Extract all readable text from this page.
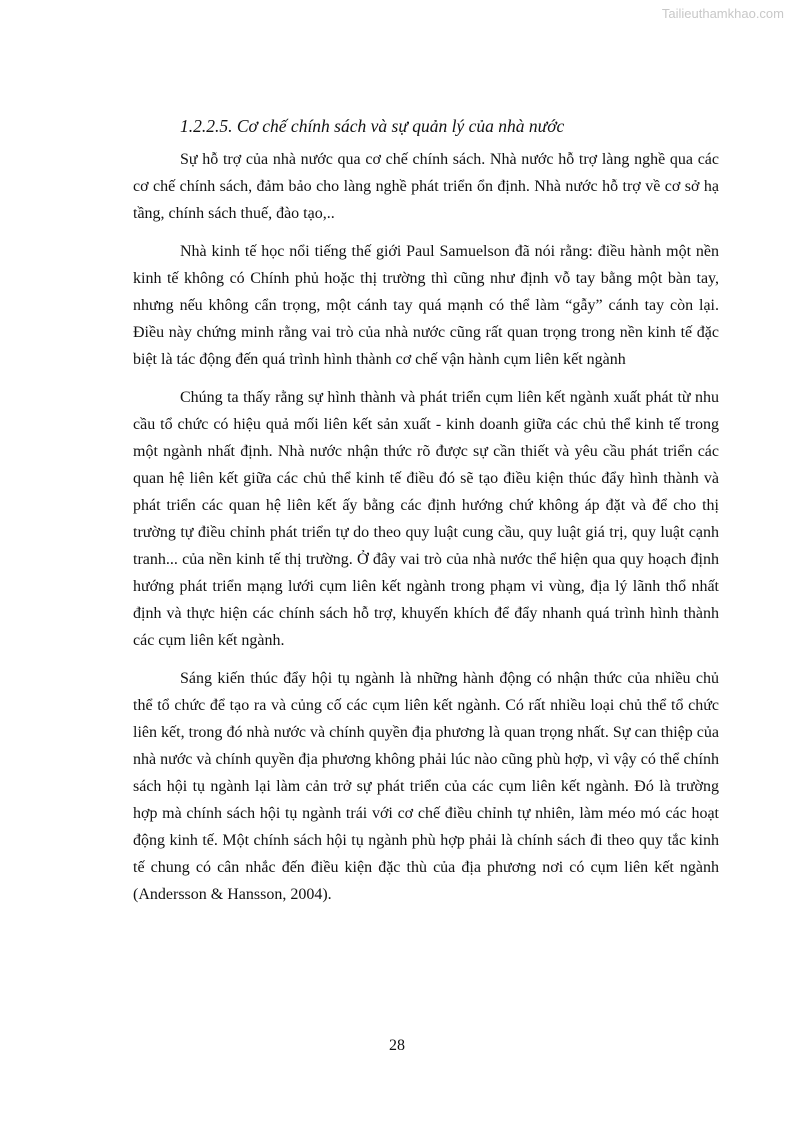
Tailieuthamkhao.com

1.2.2.5. Cơ chế chính sách và sự quản lý của nhà nước

Sự hỗ trợ của nhà nước qua cơ chế chính sách. Nhà nước hỗ trợ làng nghề qua các cơ chế chính sách, đảm bảo cho làng nghề phát triển ổn định. Nhà nước hỗ trợ về cơ sở hạ tầng, chính sách thuế, đào tạo,..

Nhà kinh tế học nổi tiếng thế giới Paul Samuelson đã nói rằng: điều hành một nền kinh tế không có Chính phủ hoặc thị trường thì cũng như định vỗ tay bằng một bàn tay, nhưng nếu không cẩn trọng, một cánh tay quá mạnh có thể làm “gẫy” cánh tay còn lại. Điều này chứng minh rằng vai trò của nhà nước cũng rất quan trọng trong nền kinh tế đặc biệt là tác động đến quá trình hình thành cơ chế vận hành cụm liên kết ngành

Chúng ta thấy rằng sự hình thành và phát triển cụm liên kết ngành xuất phát từ nhu cầu tổ chức có hiệu quả mối liên kết sản xuất - kinh doanh giữa các chủ thể kinh tế trong một ngành nhất định. Nhà nước nhận thức rõ được sự cần thiết và yêu cầu phát triển các quan hệ liên kết giữa các chủ thể kinh tế điều đó sẽ tạo điều kiện thúc đẩy hình thành và phát triển các quan hệ liên kết ấy bằng các định hướng chứ không áp đặt và để cho thị trường tự điều chỉnh phát triển tự do theo quy luật cung cầu, quy luật giá trị, quy luật cạnh tranh... của nền kinh tế thị trường. Ở đây vai trò của nhà nước thể hiện qua quy hoạch định hướng phát triển mạng lưới cụm liên kết ngành trong phạm vi vùng, địa lý lãnh thổ nhất định và thực hiện các chính sách hỗ trợ, khuyến khích để đẩy nhanh quá trình hình thành các cụm liên kết ngành.

Sáng kiến thúc đẩy hội tụ ngành là những hành động có nhận thức của nhiều chủ thể tổ chức để tạo ra và củng cố các cụm liên kết ngành. Có rất nhiều loại chủ thể tổ chức liên kết, trong đó nhà nước và chính quyền địa phương là quan trọng nhất. Sự can thiệp của nhà nước và chính quyền địa phương không phải lúc nào cũng phù hợp, vì vậy có thể chính sách hội tụ ngành lại làm cản trở sự phát triển của các cụm liên kết ngành. Đó là trường hợp mà chính sách hội tụ ngành trái với cơ chế điều chỉnh tự nhiên, làm méo mó các hoạt động kinh tế. Một chính sách hội tụ ngành phù hợp phải là chính sách đi theo quy tắc kinh tế chung có cân nhắc đến điều kiện đặc thù của địa phương nơi có cụm liên kết ngành (Andersson & Hansson, 2004).

28
